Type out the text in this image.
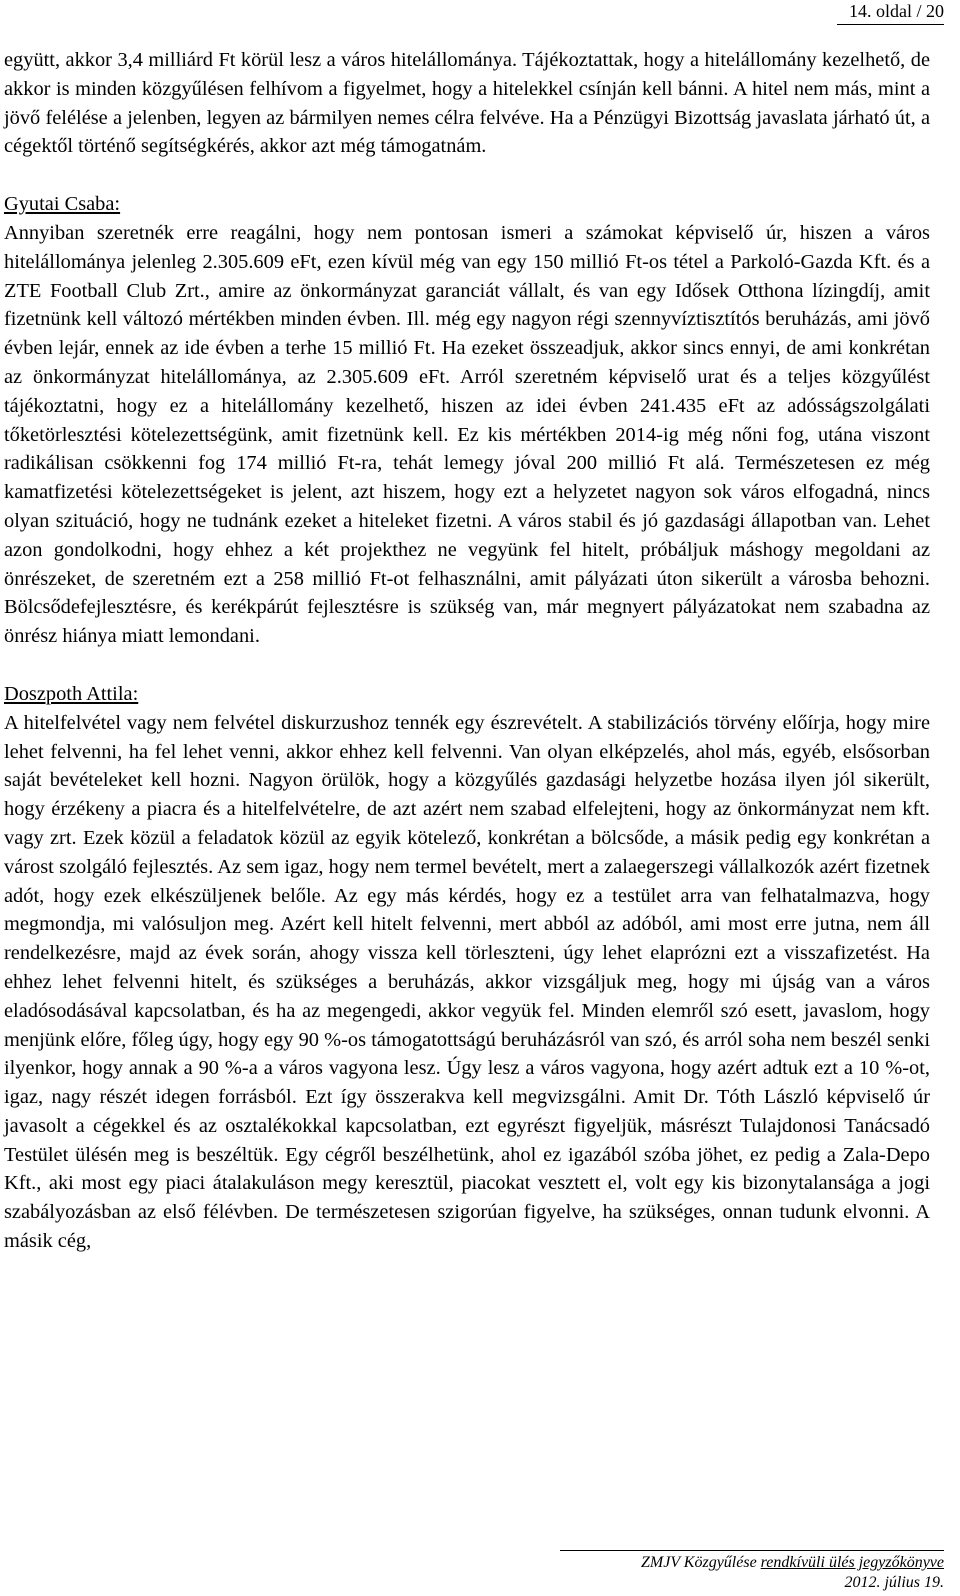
14. oldal / 20

együtt, akkor 3,4 milliárd Ft körül lesz a város hitelállománya. Tájékoztattak, hogy a hitelállomány kezelhető, de akkor is minden közgyűlésen felhívom a figyelmet, hogy a hitelekkel csínján kell bánni. A hitel nem más, mint a jövő felélése a jelenben, legyen az bármilyen nemes célra felvéve. Ha a Pénzügyi Bizottság javaslata járható út, a cégektől történő segítségkérés, akkor azt még támogatnám.

Gyutai Csaba:

Annyiban szeretnék erre reagálni, hogy nem pontosan ismeri a számokat képviselő úr, hiszen a város hitelállománya jelenleg 2.305.609 eFt, ezen kívül még van egy 150 millió Ft-os tétel a Parkoló-Gazda Kft. és a ZTE Football Club Zrt., amire az önkormányzat garanciát vállalt, és van egy Idősek Otthona lízingdíj, amit fizetnünk kell változó mértékben minden évben. Ill. még egy nagyon régi szennyvíztisztítós beruházás, ami jövő évben lejár, ennek az ide évben a terhe 15 millió Ft. Ha ezeket összeadjuk, akkor sincs ennyi, de ami konkrétan az önkormányzat hitelállománya, az 2.305.609 eFt. Arról szeretném képviselő urat és a teljes közgyűlést tájékoztatni, hogy ez a hitelállomány kezelhető, hiszen az idei évben 241.435 eFt az adósságszolgálati tőketörlesztési kötelezettségünk, amit fizetnünk kell. Ez kis mértékben 2014-ig még nőni fog, utána viszont radikálisan csökkenni fog 174 millió Ft-ra, tehát lemegy jóval 200 millió Ft alá. Természetesen ez még kamatfizetési kötelezettségeket is jelent, azt hiszem, hogy ezt a helyzetet nagyon sok város elfogadná, nincs olyan szituáció, hogy ne tudnánk ezeket a hiteleket fizetni. A város stabil és jó gazdasági állapotban van. Lehet azon gondolkodni, hogy ehhez a két projekthez ne vegyünk fel hitelt, próbáljuk máshogy megoldani az önrészeket, de szeretném ezt a 258 millió Ft-ot felhasználni, amit pályázati úton sikerült a városba behozni. Bölcsődefejlesztésre, és kerékpárút fejlesztésre is szükség van, már megnyert pályázatokat nem szabadna az önrész hiánya miatt lemondani.

Doszpoth Attila:

A hitelfelvétel vagy nem felvétel diskurzushoz tennék egy észrevételt. A stabilizációs törvény előírja, hogy mire lehet felvenni, ha fel lehet venni, akkor ehhez kell felvenni. Van olyan elképzelés, ahol más, egyéb, elsősorban saját bevételeket kell hozni. Nagyon örülök, hogy a közgyűlés gazdasági helyzetbe hozása ilyen jól sikerült, hogy érzékeny a piacra és a hitelfelvételre, de azt azért nem szabad elfelejteni, hogy az önkormányzat nem kft. vagy zrt. Ezek közül a feladatok közül az egyik kötelező, konkrétan a bölcsőde, a másik pedig egy konkrétan a várost szolgáló fejlesztés. Az sem igaz, hogy nem termel bevételt, mert a zalaegerszegi vállalkozók azért fizetnek adót, hogy ezek elkészüljenek belőle. Az egy más kérdés, hogy ez a testület arra van felhatalmazva, hogy megmondja, mi valósuljon meg. Azért kell hitelt felvenni, mert abból az adóból, ami most erre jutna, nem áll rendelkezésre, majd az évek során, ahogy vissza kell törleszteni, úgy lehet elaprózni ezt a visszafizetést. Ha ehhez lehet felvenni hitelt, és szükséges a beruházás, akkor vizsgáljuk meg, hogy mi újság van a város eladósodásával kapcsolatban, és ha az megengedi, akkor vegyük fel. Minden elemről szó esett, javaslom, hogy menjünk előre, főleg úgy, hogy egy 90 %-os támogatottságú beruházásról van szó, és arról soha nem beszél senki ilyenkor, hogy annak a 90 %-a a város vagyona lesz. Úgy lesz a város vagyona, hogy azért adtuk ezt a 10 %-ot, igaz, nagy részét idegen forrásból. Ezt így összerakva kell megvizsgálni. Amit Dr. Tóth László képviselő úr javasolt a cégekkel és az osztalékokkal kapcsolatban, ezt egyrészt figyeljük, másrészt Tulajdonosi Tanácsadó Testület ülésén meg is beszéltük. Egy cégről beszélhetünk, ahol ez igazából szóba jöhet, ez pedig a Zala-Depo Kft., aki most egy piaci átalakuláson megy keresztül, piacokat vesztett el, volt egy kis bizonytalansága a jogi szabályozásban az első félévben. De természetesen szigorúan figyelve, ha szükséges, onnan tudunk elvonni. A másik cég,

ZMJV Közgyűlése rendkívüli ülés jegyzőkönyve
2012. július 19.
